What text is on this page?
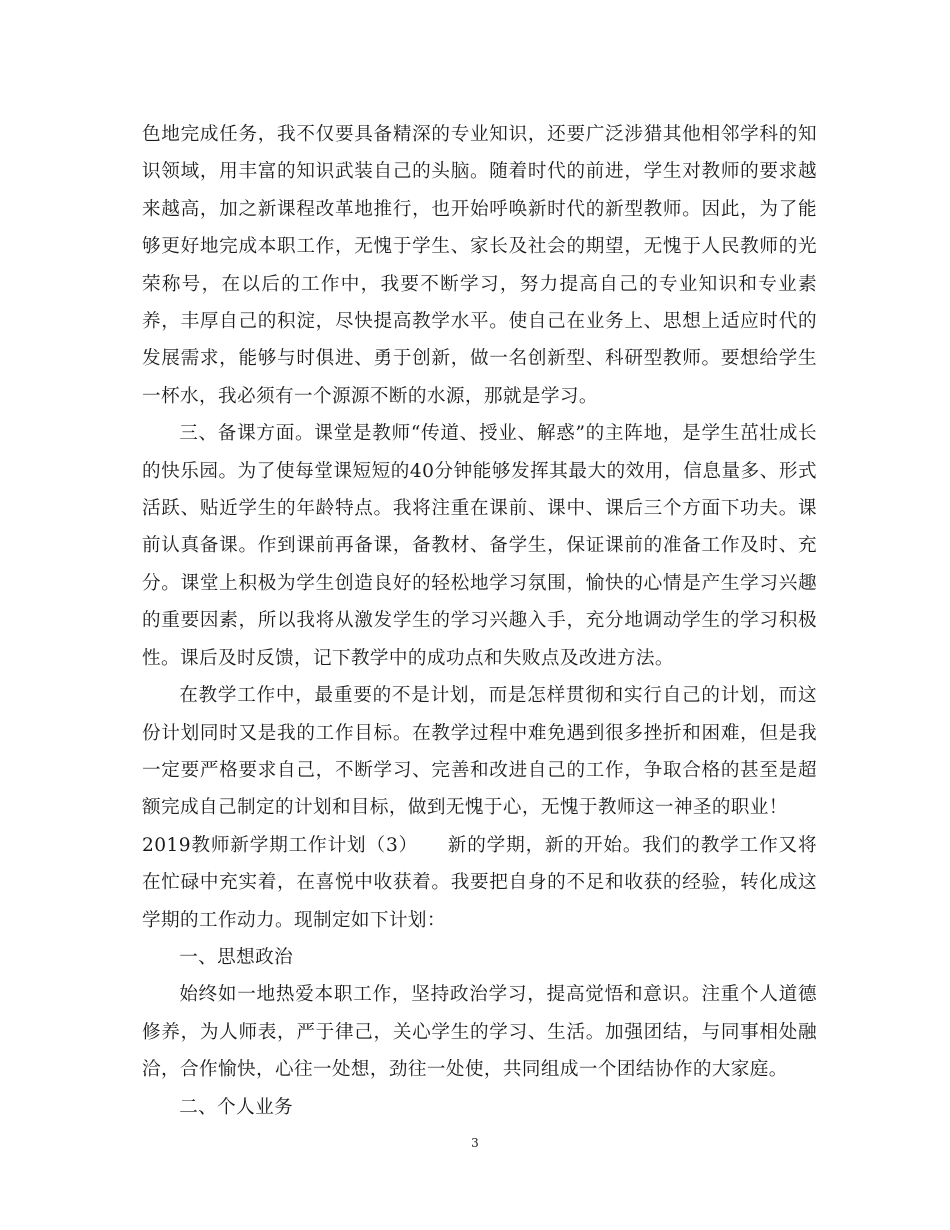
色地完成任务，我不仅要具备精深的专业知识，还要广泛涉猎其他相邻学科的知识领域，用丰富的知识武装自己的头脑。随着时代的前进，学生对教师的要求越来越高，加之新课程改革地推行，也开始呼唤新时代的新型教师。因此，为了能够更好地完成本职工作，无愧于学生、家长及社会的期望，无愧于人民教师的光荣称号，在以后的工作中，我要不断学习，努力提高自己的专业知识和专业素养，丰厚自己的积淀，尽快提高教学水平。使自己在业务上、思想上适应时代的发展需求，能够与时俱进、勇于创新，做一名创新型、科研型教师。要想给学生一杯水，我必须有一个源源不断的水源，那就是学习。

三、备课方面。课堂是教师“传道、授业、解惑”的主阵地，是学生茁壮成长的快乐园。为了使每堂课短短的40分钟能够发挥其最大的效用，信息量多、形式活跃、贴近学生的年龄特点。我将注重在课前、课中、课后三个方面下功夫。课前认真备课。作到课前再备课，备教材、备学生，保证课前的准备工作及时、充分。课堂上积极为学生创造良好的轻松地学习氛围，愉快的心情是产生学习兴趣的重要因素，所以我将从激发学生的学习兴趣入手，充分地调动学生的学习积极性。课后及时反馈，记下教学中的成功点和失败点及改进方法。

在教学工作中，最重要的不是计划，而是怎样贯彻和实行自己的计划，而这份计划同时又是我的工作目标。在教学过程中难免遇到很多挫折和困难，但是我一定要严格要求自己，不断学习、完善和改进自己的工作，争取合格的甚至是超额完成自己制定的计划和目标，做到无愧于心，无愧于教师这一神圣的职业！

2019教师新学期工作计划（3）　　新的学期，新的开始。我们的教学工作又将在忙碌中充实着，在喜悦中收获着。我要把自身的不足和收获的经验，转化成这学期的工作动力。现制定如下计划：

一、思想政治

始终如一地热爱本职工作，坚持政治学习，提高觉悟和意识。注重个人道德修养，为人师表，严于律己，关心学生的学习、生活。加强团结，与同事相处融洽，合作愉快，心往一处想，劲往一处使，共同组成一个团结协作的大家庭。

二、个人业务

3
